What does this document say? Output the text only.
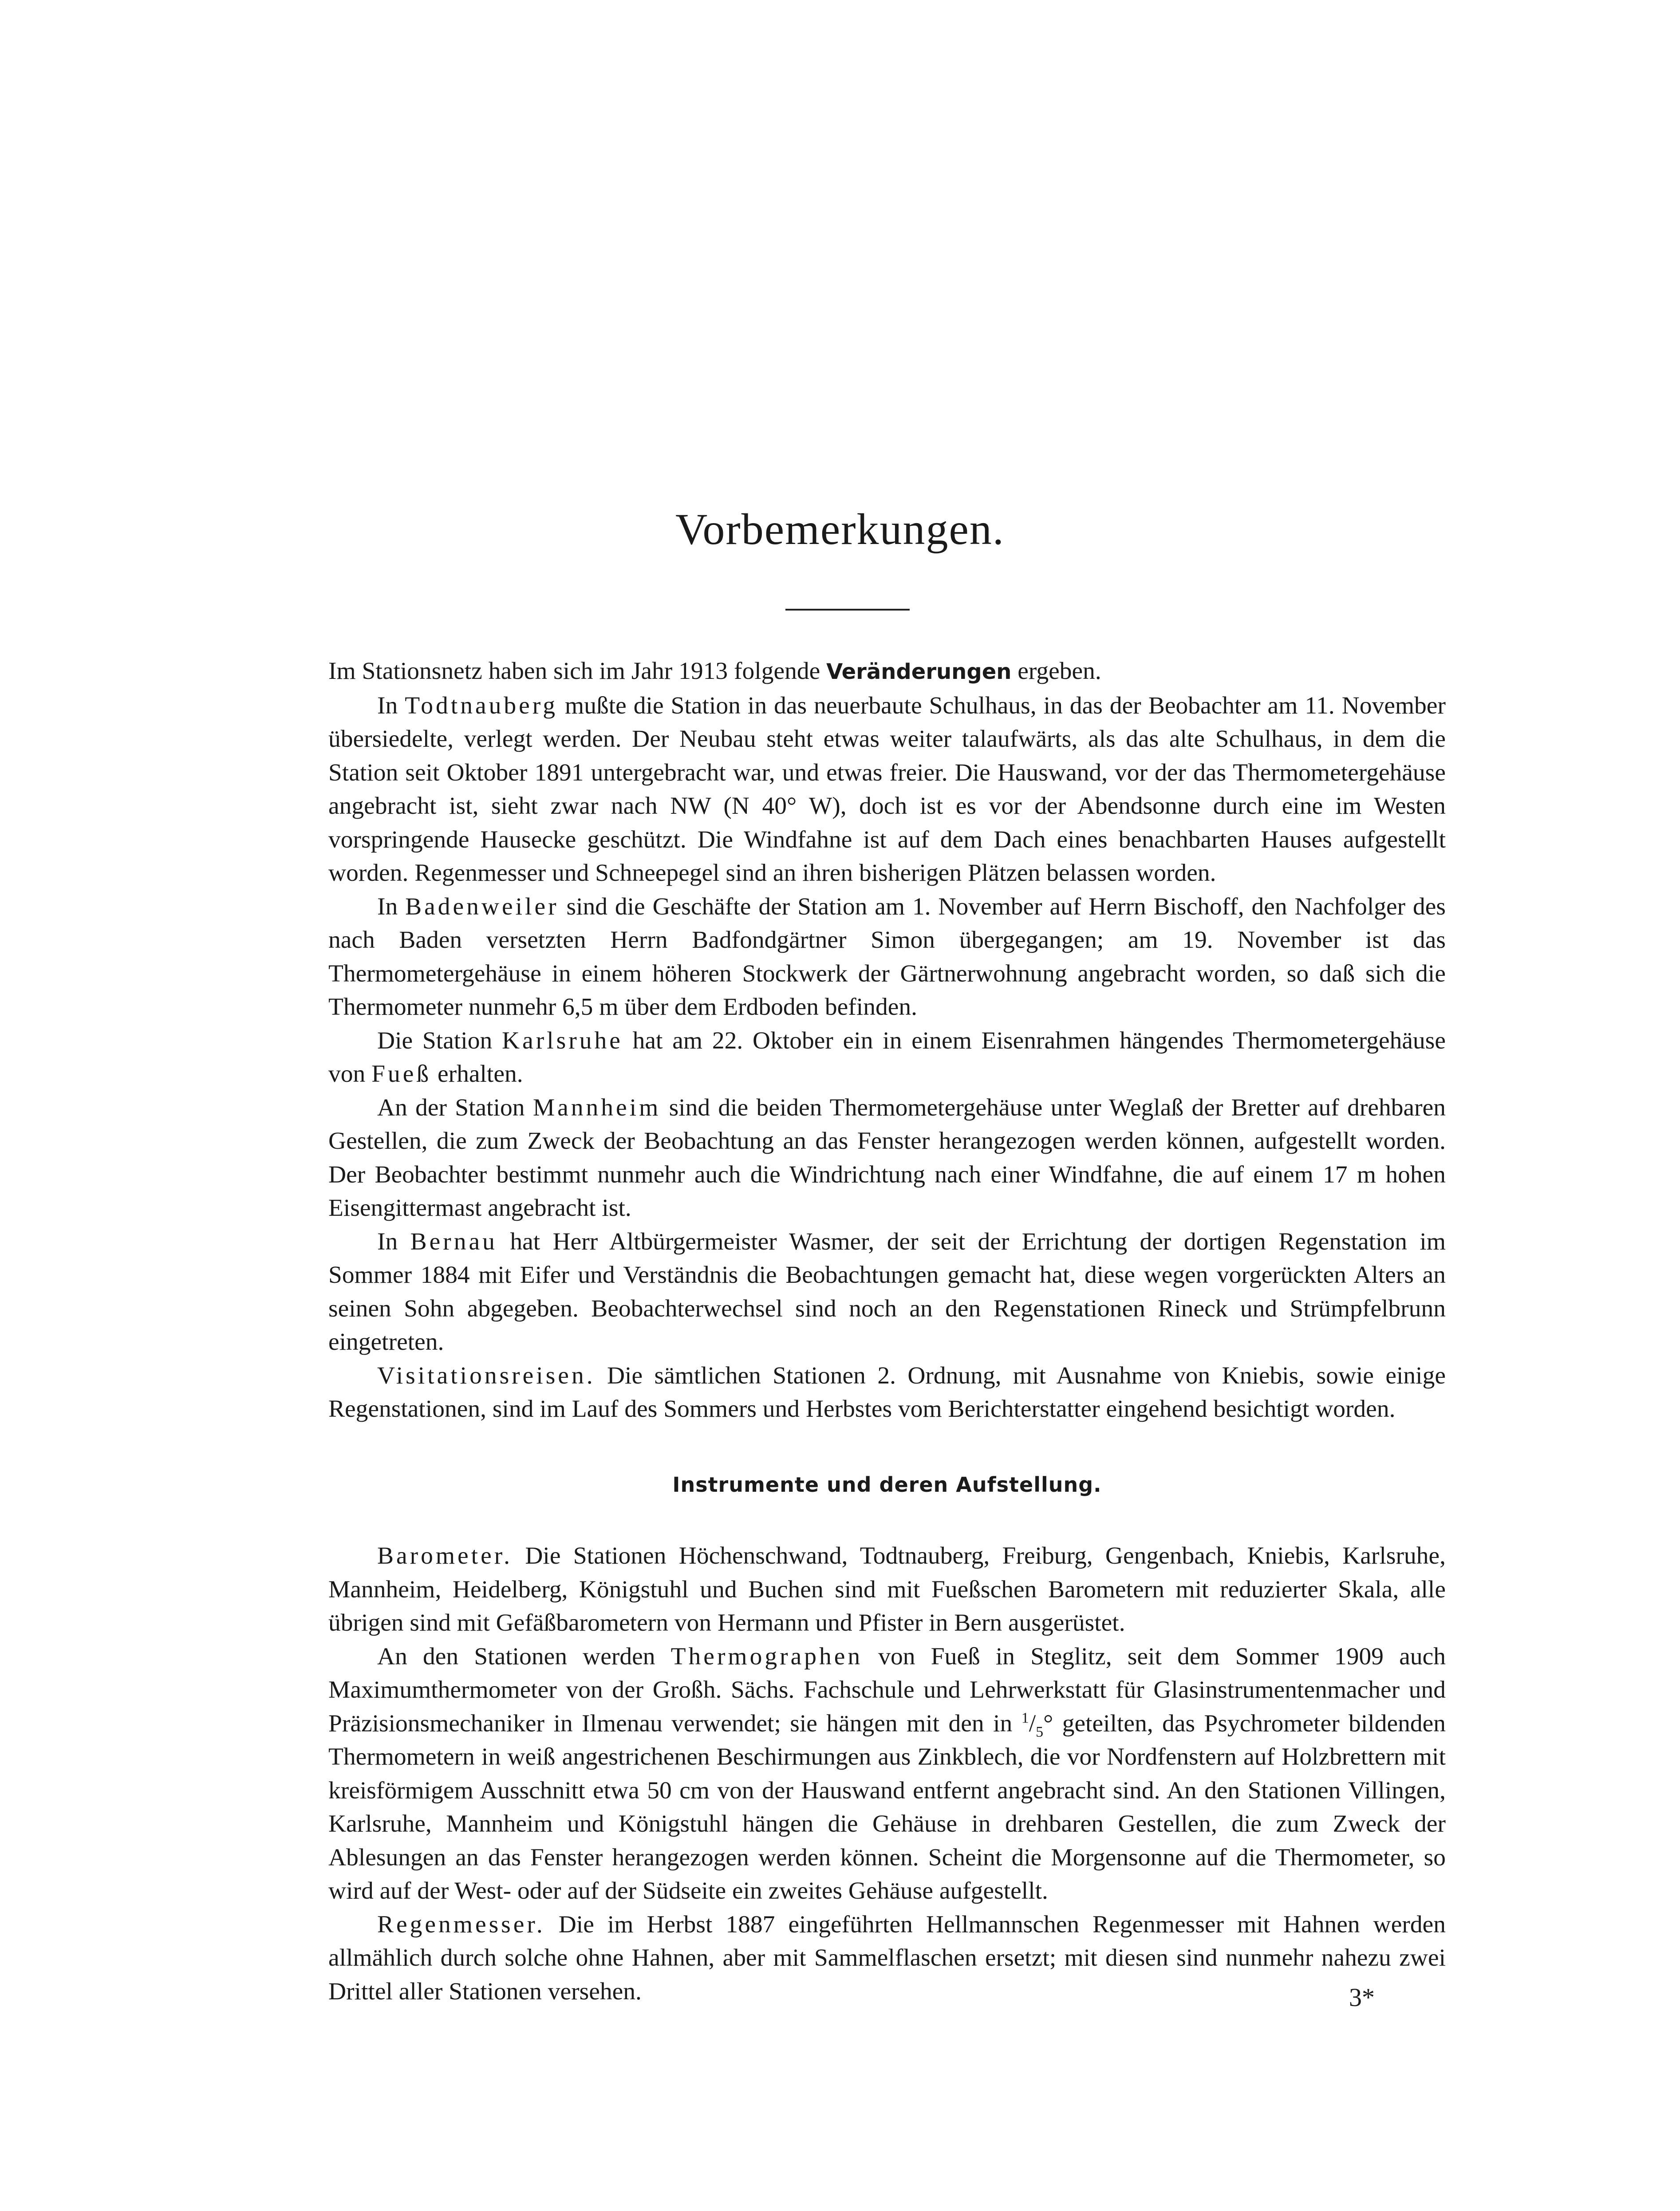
Vorbemerkungen.

Im Stationsnetz haben sich im Jahr 1913 folgende Veränderungen ergeben.

In Todtnauberg mußte die Station in das neuerbaute Schulhaus, in das der Beobachter am 11. November übersiedelte, verlegt werden. Der Neubau steht etwas weiter talaufwärts, als das alte Schulhaus, in dem die Station seit Oktober 1891 untergebracht war, und etwas freier. Die Hauswand, vor der das Thermometergehäuse angebracht ist, sieht zwar nach NW (N 40° W), doch ist es vor der Abendsonne durch eine im Westen vorspringende Hausecke geschützt. Die Windfahne ist auf dem Dach eines benachbarten Hauses aufgestellt worden. Regenmesser und Schneepegel sind an ihren bisherigen Plätzen belassen worden.

In Badenweiler sind die Geschäfte der Station am 1. November auf Herrn Bischoff, den Nachfolger des nach Baden versetzten Herrn Badfondgärtner Simon übergegangen; am 19. November ist das Thermometergehäuse in einem höheren Stockwerk der Gärtnerwohnung angebracht worden, so daß sich die Thermometer nunmehr 6,5 m über dem Erdboden befinden.

Die Station Karlsruhe hat am 22. Oktober ein in einem Eisenrahmen hängendes Thermometergehäuse von Fueß erhalten.

An der Station Mannheim sind die beiden Thermometergehäuse unter Weglaß der Bretter auf drehbaren Gestellen, die zum Zweck der Beobachtung an das Fenster herangezogen werden können, aufgestellt worden. Der Beobachter bestimmt nunmehr auch die Windrichtung nach einer Windfahne, die auf einem 17 m hohen Eisengittermast angebracht ist.

In Bernau hat Herr Altbürgermeister Wasmer, der seit der Errichtung der dortigen Regenstation im Sommer 1884 mit Eifer und Verständnis die Beobachtungen gemacht hat, diese wegen vorgerückten Alters an seinen Sohn abgegeben. Beobachterwechsel sind noch an den Regenstationen Rineck und Strümpfelbrunn eingetreten.

Visitationsreisen. Die sämtlichen Stationen 2. Ordnung, mit Ausnahme von Kniebis, sowie einige Regenstationen, sind im Lauf des Sommers und Herbstes vom Berichterstatter eingehend besichtigt worden.

Instrumente und deren Aufstellung.

Barometer. Die Stationen Höchenschwand, Todtnauberg, Freiburg, Gengenbach, Kniebis, Karlsruhe, Mannheim, Heidelberg, Königstuhl und Buchen sind mit Fueßschen Barometern mit reduzierter Skala, alle übrigen sind mit Gefäßbarometern von Hermann und Pfister in Bern ausgerüstet.

An den Stationen werden Thermographen von Fueß in Steglitz, seit dem Sommer 1909 auch Maximumthermometer von der Großh. Sächs. Fachschule und Lehrwerkstatt für Glasinstrumentenmacher und Präzisionsmechaniker in Ilmenau verwendet; sie hängen mit den in $^1/_5^\circ$ geteilten, das Psychrometer bildenden Thermometern in weiß angestrichenen Beschirmungen aus Zinkblech, die vor Nordfenstern auf Holzbrettern mit kreisförmigem Ausschnitt etwa 50 cm von der Hauswand entfernt angebracht sind. An den Stationen Villingen, Karlsruhe, Mannheim und Königstuhl hängen die Gehäuse in drehbaren Gestellen, die zum Zweck der Ablesungen an das Fenster herangezogen werden können. Scheint die Morgensonne auf die Thermometer, so wird auf der West- oder auf der Südseite ein zweites Gehäuse aufgestellt.

Regenmesser. Die im Herbst 1887 eingeführten Hellmannschen Regenmesser mit Hahnen werden allmählich durch solche ohne Hahnen, aber mit Sammelflaschen ersetzt; mit diesen sind nunmehr nahezu zwei Drittel aller Stationen versehen.	3*
